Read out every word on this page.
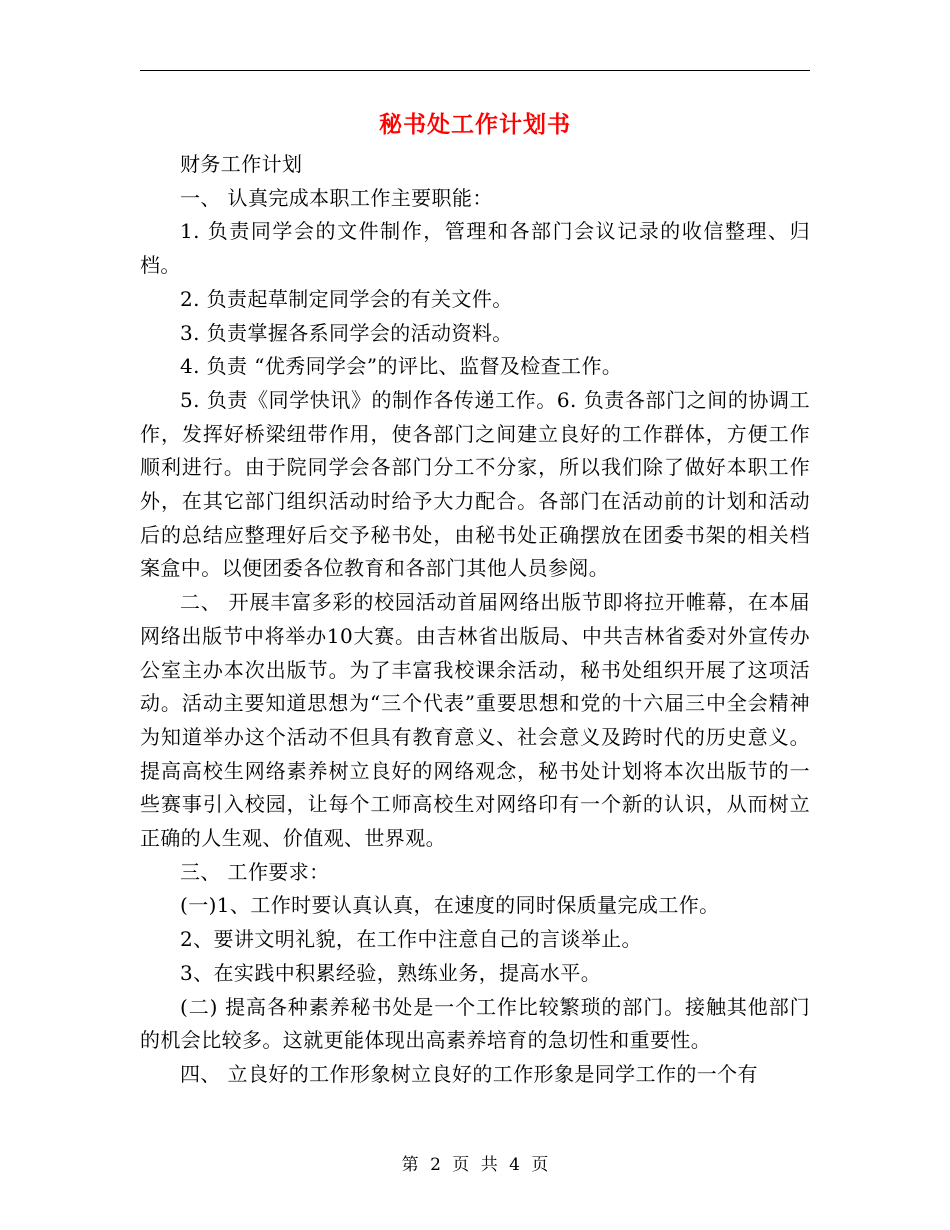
秘书处工作计划书

财务工作计划

一、 认真完成本职工作主要职能：

1. 负责同学会的文件制作，管理和各部门会议记录的收信整理、归档。

2. 负责起草制定同学会的有关文件。

3. 负责掌握各系同学会的活动资料。

4. 负责 “优秀同学会”的评比、监督及检查工作。

5. 负责《同学快讯》的制作各传递工作。6. 负责各部门之间的协调工作，发挥好桥梁纽带作用，使各部门之间建立良好的工作群体，方便工作顺利进行。由于院同学会各部门分工不分家，所以我们除了做好本职工作外，在其它部门组织活动时给予大力配合。各部门在活动前的计划和活动后的总结应整理好后交予秘书处，由秘书处正确摆放在团委书架的相关档案盒中。以便团委各位教育和各部门其他人员参阅。

二、 开展丰富多彩的校园活动首届网络出版节即将拉开帷幕，在本届网络出版节中将举办10大赛。由吉林省出版局、中共吉林省委对外宣传办公室主办本次出版节。为了丰富我校课余活动，秘书处组织开展了这项活动。活动主要知道思想为“三个代表”重要思想和党的十六届三中全会精神为知道举办这个活动不但具有教育意义、社会意义及跨时代的历史意义。提高高校生网络素养树立良好的网络观念，秘书处计划将本次出版节的一些赛事引入校园，让每个工师高校生对网络印有一个新的认识，从而树立正确的人生观、价值观、世界观。

三、 工作要求：

(一)1、工作时要认真认真，在速度的同时保质量完成工作。

2、要讲文明礼貌，在工作中注意自己的言谈举止。

3、在实践中积累经验，熟练业务，提高水平。

(二) 提高各种素养秘书处是一个工作比较繁琐的部门。接触其他部门的机会比较多。这就更能体现出高素养培育的急切性和重要性。

四、 立良好的工作形象树立良好的工作形象是同学工作的一个有

第 2 页 共 4 页
